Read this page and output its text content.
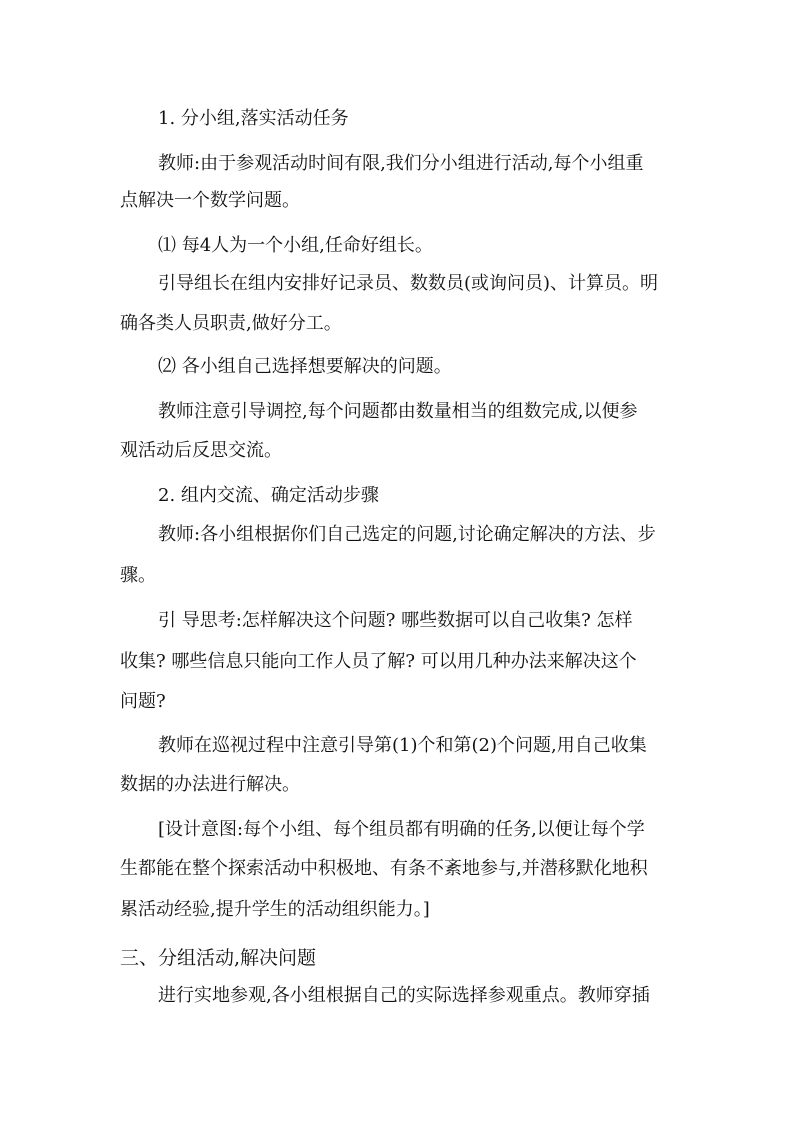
1. 分小组,落实活动任务
教师:由于参观活动时间有限,我们分小组进行活动,每个小组重
点解决一个数学问题。
⑴ 每4人为一个小组,任命好组长。
引导组长在组内安排好记录员、数数员(或询问员)、计算员。明
确各类人员职责,做好分工。
⑵ 各小组自己选择想要解决的问题。
教师注意引导调控,每个问题都由数量相当的组数完成,以便参
观活动后反思交流。
2. 组内交流、确定活动步骤
教师:各小组根据你们自己选定的问题,讨论确定解决的方法、步
骤。
引 导思考:怎样解决这个问题? 哪些数据可以自己收集? 怎样
收集? 哪些信息只能向工作人员了解? 可以用几种办法来解决这个
问题?
教师在巡视过程中注意引导第(1)个和第(2)个问题,用自己收集
数据的办法进行解决。
[设计意图:每个小组、每个组员都有明确的任务,以便让每个学
生都能在整个探索活动中积极地、有条不紊地参与,并潜移默化地积
累活动经验,提升学生的活动组织能力。]
三、分组活动,解决问题
进行实地参观,各小组根据自己的实际选择参观重点。教师穿插
